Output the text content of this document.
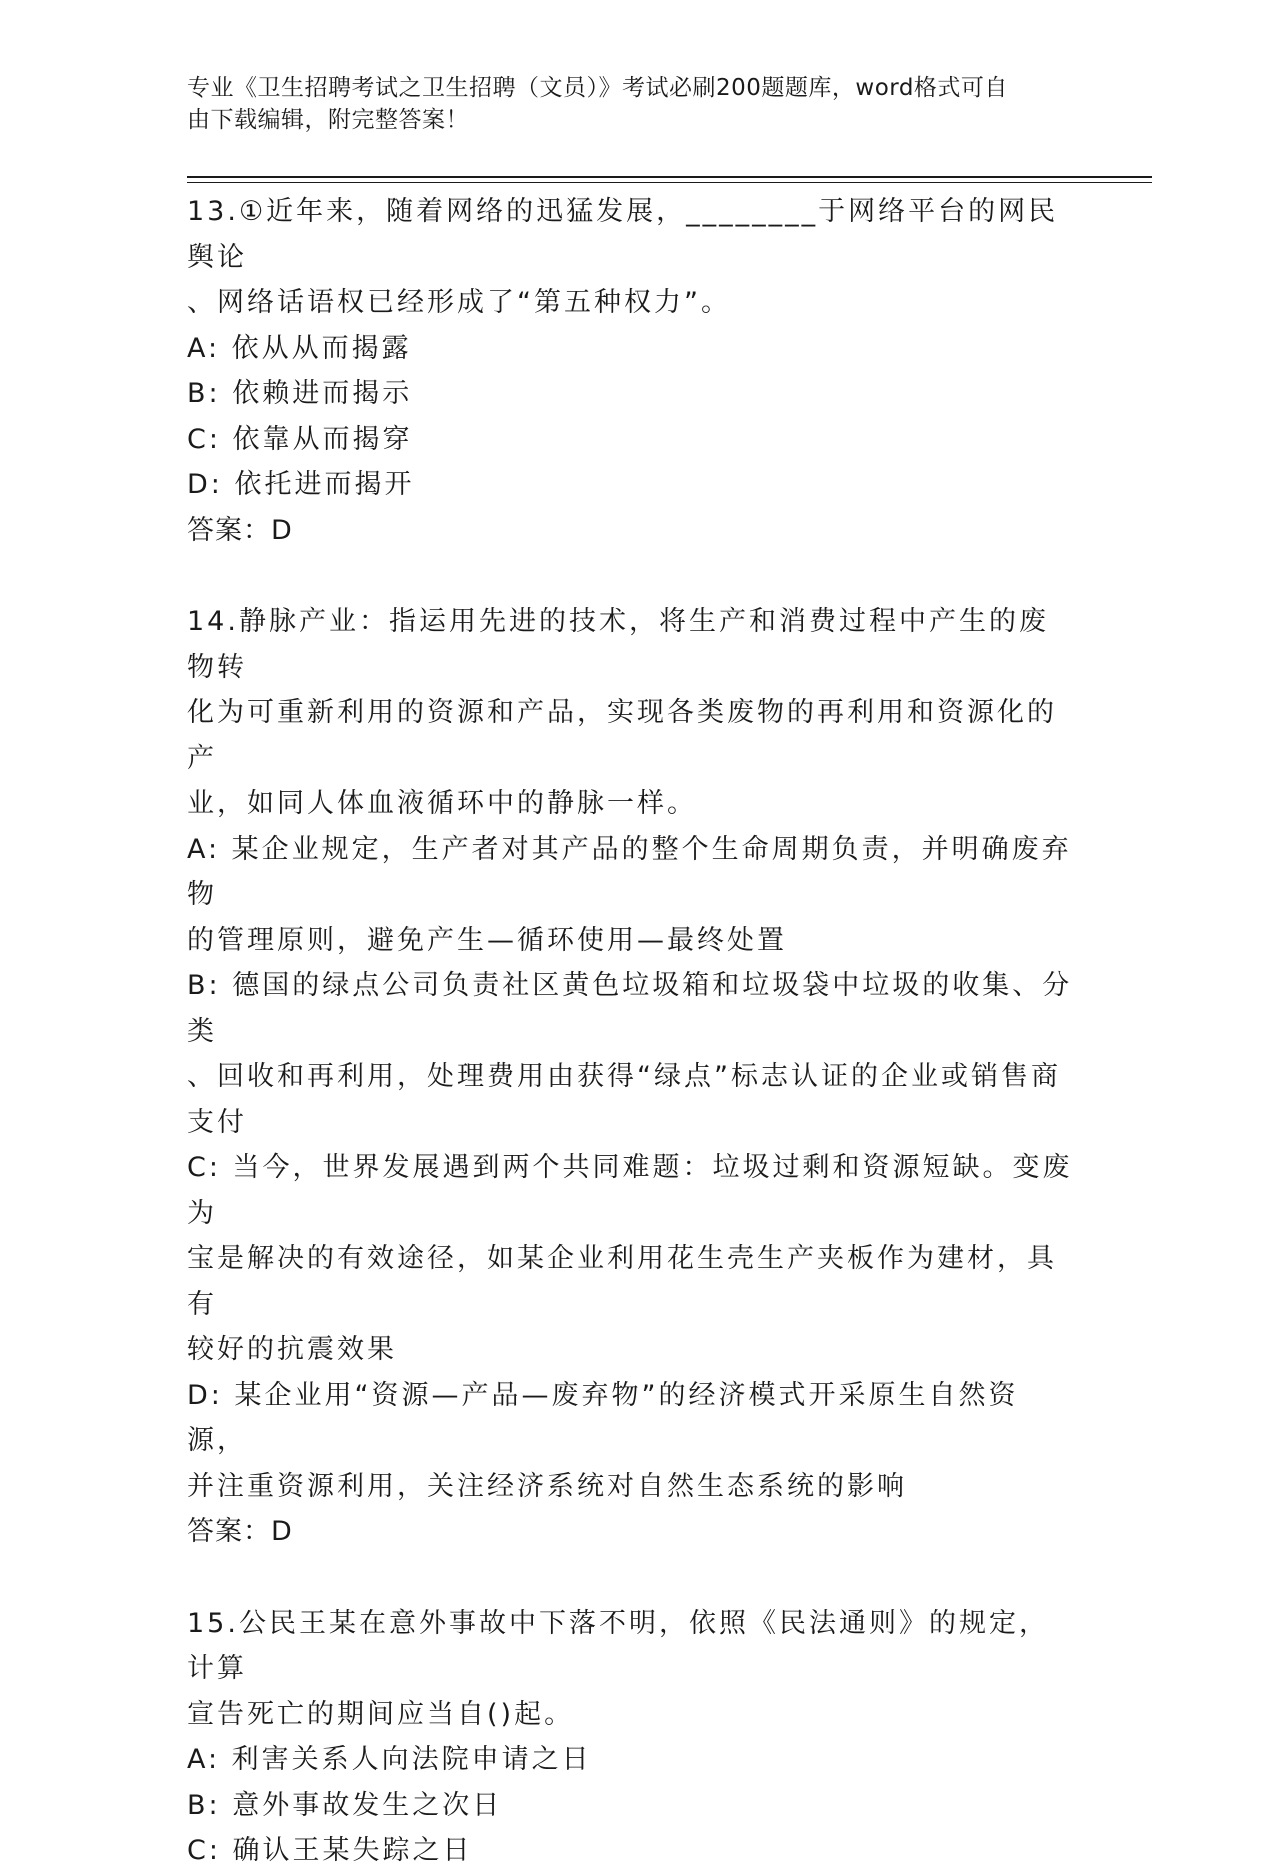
专业《卫生招聘考试之卫生招聘（文员）》考试必刷200题题库，word格式可自
由下载编辑，附完整答案！

13.①近年来，随着网络的迅猛发展，________于网络平台的网民舆论

、网络话语权已经形成了“第五种权力”。

A: 依从从而揭露

B: 依赖进而揭示

C: 依靠从而揭穿

D: 依托进而揭开

答案：D

14.静脉产业：指运用先进的技术，将生产和消费过程中产生的废物转

化为可重新利用的资源和产品，实现各类废物的再利用和资源化的产

业，如同人体血液循环中的静脉一样。

A: 某企业规定，生产者对其产品的整个生命周期负责，并明确废弃物

的管理原则，避免产生—循环使用—最终处置

B: 德国的绿点公司负责社区黄色垃圾箱和垃圾袋中垃圾的收集、分类

、回收和再利用，处理费用由获得“绿点”标志认证的企业或销售商

支付

C: 当今，世界发展遇到两个共同难题：垃圾过剩和资源短缺。变废为

宝是解决的有效途径，如某企业利用花生壳生产夹板作为建材，具有

较好的抗震效果

D: 某企业用“资源—产品—废弃物”的经济模式开采原生自然资源，

并注重资源利用，关注经济系统对自然生态系统的影响

答案：D

15.公民王某在意外事故中下落不明，依照《民法通则》的规定，计算

宣告死亡的期间应当自()起。

A: 利害关系人向法院申请之日

B: 意外事故发生之次日

C: 确认王某失踪之日
